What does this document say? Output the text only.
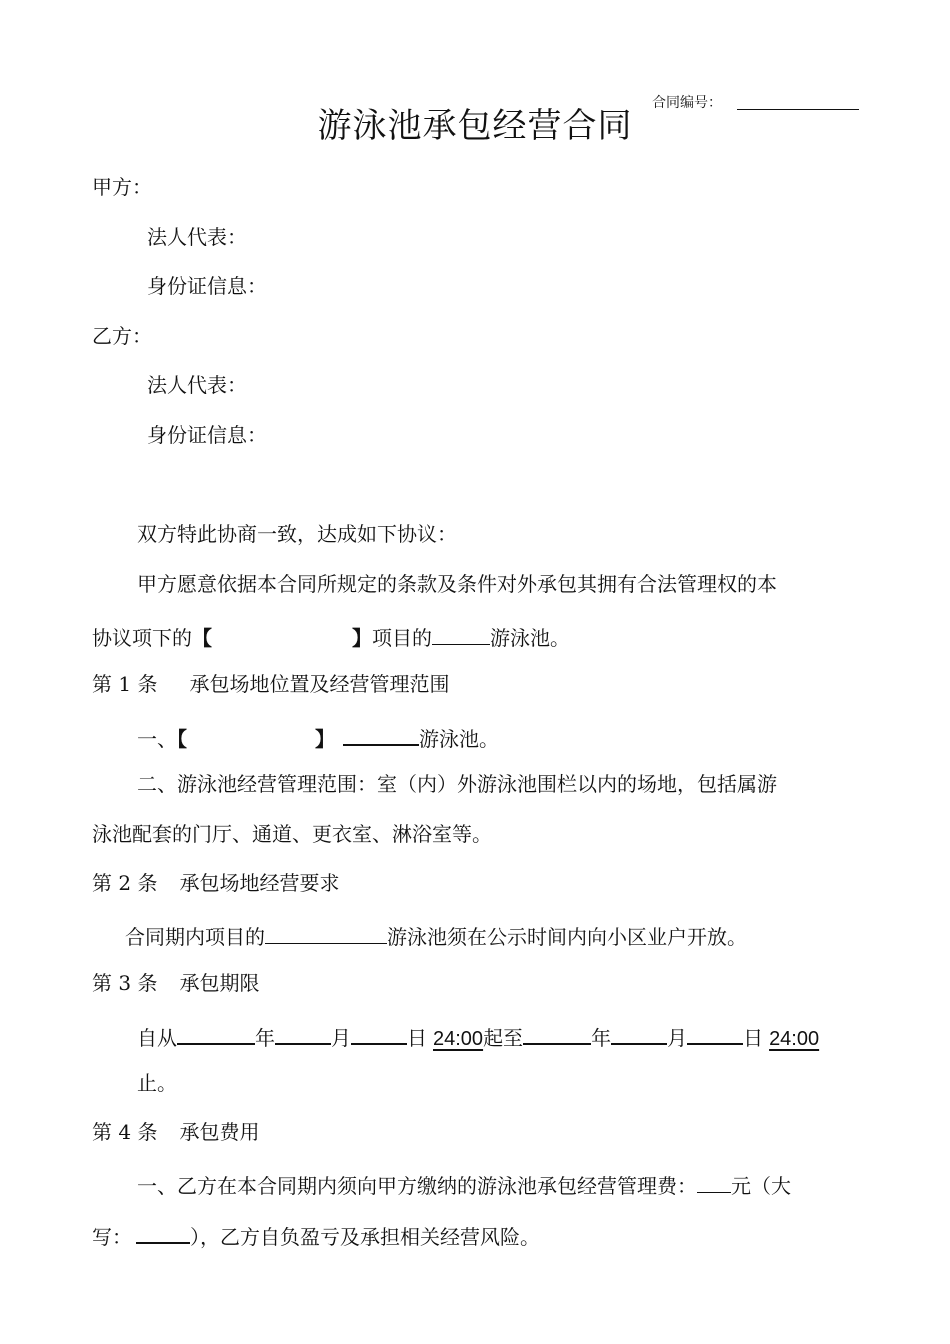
合同编号：
游泳池承包经营合同
甲方：
法人代表：
身份证信息：
乙方：
法人代表：
身份证信息：
双方特此协商一致，达成如下协议：
甲方愿意依据本合同所规定的条款及条件对外承包其拥有合法管理权的本
协议项下的【	】项目的	游泳池。
第 1 条 承包场地位置及经营管理范围
一、【	】	游泳池。
二、游泳池经营管理范围：室（内）外游泳池围栏以内的场地，包括属游
泳池配套的门厅、通道、更衣室、淋浴室等。
第 2 条 承包场地经营要求
合同期内项目的	游泳池须在公示时间内向小区业户开放。
第 3 条 承包期限
自从	年	月	日 24:00起至	年	月	日 24:00
止。
第 4 条 承包费用
一、乙方在本合同期内须向甲方缴纳的游泳池承包经营管理费： 元（大
写：	），乙方自负盈亏及承担相关经营风险。
